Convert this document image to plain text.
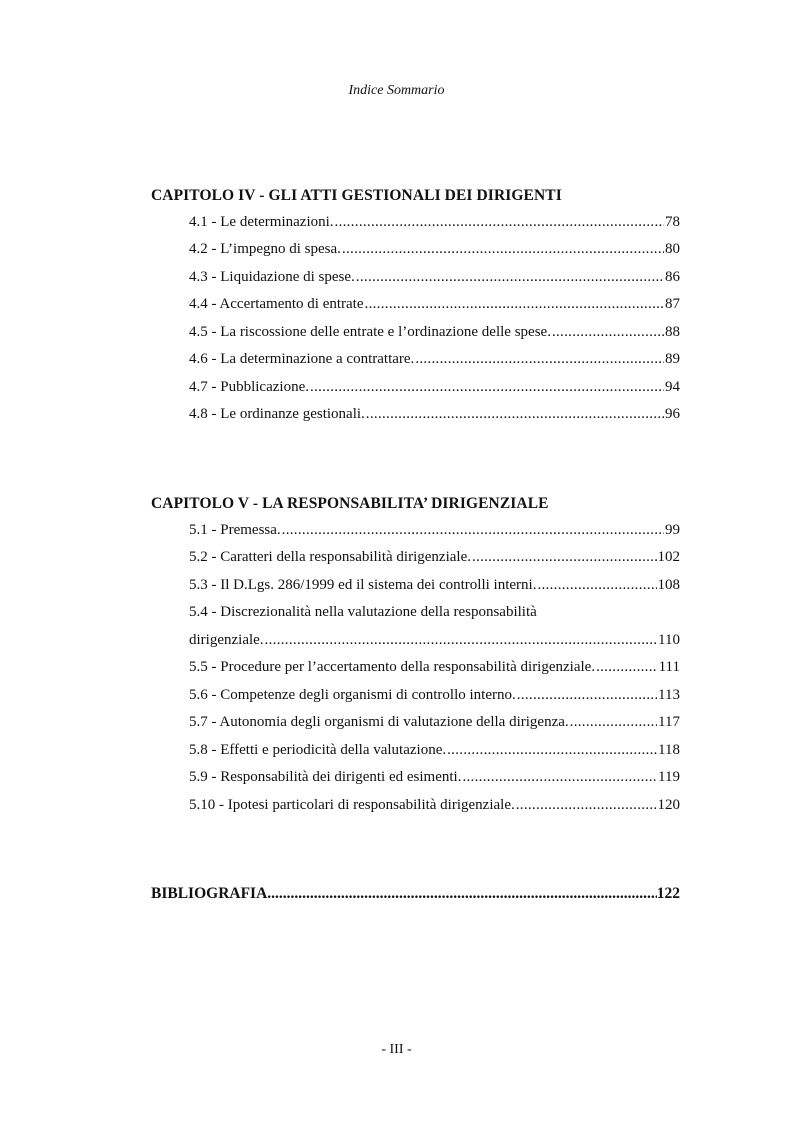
Indice Sommario
CAPITOLO IV - GLI ATTI GESTIONALI DEI DIRIGENTI
4.1 - Le determinazioni. .....	78
4.2 - L’impegno di spesa. .....	80
4.3 - Liquidazione di spese. .....	86
4.4 - Accertamento di entrate .....	87
4.5 - La riscossione delle entrate e l’ordinazione delle spese. .....	88
4.6 - La determinazione a contrattare. .....	89
4.7 - Pubblicazione. .....	94
4.8 - Le ordinanze gestionali. .....	96
CAPITOLO V - LA RESPONSABILITA’ DIRIGENZIALE
5.1 - Premessa. .....	99
5.2 - Caratteri della responsabilità dirigenziale. .....	102
5.3 - Il D.Lgs. 286/1999 ed il sistema dei controlli interni. .....	108
5.4 - Discrezionalità nella valutazione della responsabilità
dirigenziale. .....	110
5.5 - Procedure per l’accertamento della responsabilità dirigenziale. .....	111
5.6 - Competenze degli organismi di controllo interno. .....	113
5.7 - Autonomia degli organismi di valutazione della dirigenza. .....	117
5.8 - Effetti e periodicità della valutazione. .....	118
5.9 - Responsabilità dei dirigenti ed esimenti. .....	119
5.10 - Ipotesi particolari di responsabilità dirigenziale. .....	120
BIBLIOGRAFIA .....	122
- III -
